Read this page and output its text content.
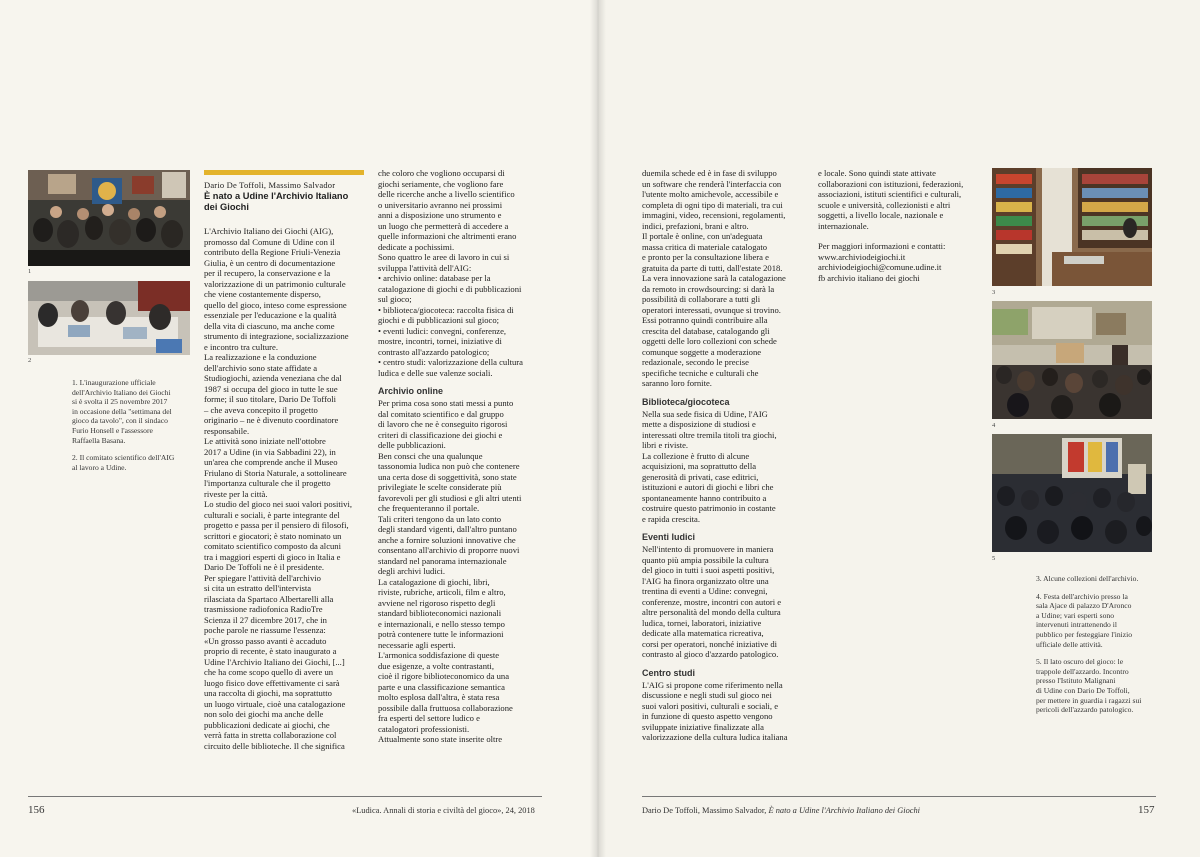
1
2

1. L'inaugurazione ufficiale
dell'Archivio Italiano dei Giochi
si è svolta il 25 novembre 2017
in occasione della "settimana del
gioco da tavolo", con il sindaco
Furio Honsell e l'assessore
Raffaella Basana.

2. Il comitato scientifico dell'AIG
al lavoro a Udine.

Dario De Toffoli, Massimo Salvador

È nato a Udine l'Archivio Italiano
dei Giochi

L'Archivio Italiano dei Giochi (AIG),
promosso dal Comune di Udine con il
contributo della Regione Friuli-Venezia
Giulia, è un centro di documentazione
per il recupero, la conservazione e la
valorizzazione di un patrimonio culturale
che viene costantemente disperso,
quello del gioco, inteso come espressione
essenziale per l'educazione e la qualità
della vita di ciascuno, ma anche come
strumento di integrazione, socializzazione
e incontro tra culture.
La realizzazione e la conduzione
dell'archivio sono state affidate a
Studiogiochi, azienda veneziana che dal
1987 si occupa del gioco in tutte le sue
forme; il suo titolare, Dario De Toffoli
– che aveva concepito il progetto
originario – ne è divenuto coordinatore
responsabile.
Le attività sono iniziate nell'ottobre
2017 a Udine (in via Sabbadini 22), in
un'area che comprende anche il Museo
Friulano di Storia Naturale, a sottolineare
l'importanza culturale che il progetto
riveste per la città.
Lo studio del gioco nei suoi valori positivi,
culturali e sociali, è parte integrante del
progetto e passa per il pensiero di filosofi,
scrittori e giocatori; è stato nominato un
comitato scientifico composto da alcuni
tra i maggiori esperti di gioco in Italia e
Dario De Toffoli ne è il presidente.
Per spiegare l'attività dell'archivio
si cita un estratto dell'intervista
rilasciata da Spartaco Albertarelli alla
trasmissione radiofonica RadioTre
Scienza il 27 dicembre 2017, che in
poche parole ne riassume l'essenza:
«Un grosso passo avanti è accaduto
proprio di recente, è stato inaugurato a
Udine l'Archivio Italiano dei Giochi, [...]
che ha come scopo quello di avere un
luogo fisico dove effettivamente ci sarà
una raccolta di giochi, ma soprattutto
un luogo virtuale, cioè una catalogazione
non solo dei giochi ma anche delle
pubblicazioni dedicate ai giochi, che
verrà fatta in stretta collaborazione col
circuito delle biblioteche. Il che significa

che coloro che vogliono occuparsi di
giochi seriamente, che vogliono fare
delle ricerche anche a livello scientifico
o universitario avranno nei prossimi
anni a disposizione uno strumento e
un luogo che permetterà di accedere a
quelle informazioni che altrimenti erano
dedicate a pochissimi.
Sono quattro le aree di lavoro in cui si
sviluppa l'attività dell'AIG:
• archivio online: database per la
catalogazione di giochi e di pubblicazioni
sul gioco;
• biblioteca/giocoteca: raccolta fisica di
giochi e di pubblicazioni sul gioco;
• eventi ludici: convegni, conferenze,
mostre, incontri, tornei, iniziative di
contrasto all'azzardo patologico;
• centro studi: valorizzazione della cultura
ludica e delle sue valenze sociali.

Archivio online

Per prima cosa sono stati messi a punto
dal comitato scientifico e dal gruppo
di lavoro che ne è conseguito rigorosi
criteri di classificazione dei giochi e
delle pubblicazioni.
Ben consci che una qualunque
tassonomia ludica non può che contenere
una certa dose di soggettività, sono state
privilegiate le scelte considerate più
favorevoli per gli studiosi e gli altri utenti
che frequenteranno il portale.
Tali criteri tengono da un lato conto
degli standard vigenti, dall'altro puntano
anche a fornire soluzioni innovative che
consentano all'archivio di proporre nuovi
standard nel panorama internazionale
degli archivi ludici.
La catalogazione di giochi, libri,
riviste, rubriche, articoli, film e altro,
avviene nel rigoroso rispetto degli
standard biblioteconomici nazionali
e internazionali, e nello stesso tempo
potrà contenere tutte le informazioni
necessarie agli esperti.
L'armonica soddisfazione di queste
due esigenze, a volte contrastanti,
cioè il rigore biblioteconomico da una
parte e una classificazione semantica
molto esplosa dall'altra, è stata resa
possibile dalla fruttuosa collaborazione
fra esperti del settore ludico e
catalogatori professionisti.
Attualmente sono state inserite oltre

156	«Ludica. Annali di storia e civiltà del gioco», 24, 2018

duemila schede ed è in fase di sviluppo
un software che renderà l'interfaccia con
l'utente molto amichevole, accessibile e
completa di ogni tipo di materiali, tra cui
immagini, video, recensioni, regolamenti,
indici, prefazioni, brani e altro.
Il portale è online, con un'adeguata
massa critica di materiale catalogato
e pronto per la consultazione libera e
gratuita da parte di tutti, dall'estate 2018.
La vera innovazione sarà la catalogazione
da remoto in crowdsourcing: si darà la
possibilità di collaborare a tutti gli
operatori interessati, ovunque si trovino.
Essi potranno quindi contribuire alla
crescita del database, catalogando gli
oggetti delle loro collezioni con schede
comunque soggette a moderazione
redazionale, secondo le precise
specifiche tecniche e culturali che
saranno loro fornite.

Biblioteca/giocoteca

Nella sua sede fisica di Udine, l'AIG
mette a disposizione di studiosi e
interessati oltre tremila titoli tra giochi,
libri e riviste.
La collezione è frutto di alcune
acquisizioni, ma soprattutto della
generosità di privati, case editrici,
istituzioni e autori di giochi e libri che
spontaneamente hanno contribuito a
costruire questo patrimonio in costante
e rapida crescita.

Eventi ludici

Nell'intento di promuovere in maniera
quanto più ampia possibile la cultura
del gioco in tutti i suoi aspetti positivi,
l'AIG ha finora organizzato oltre una
trentina di eventi a Udine: convegni,
conferenze, mostre, incontri con autori e
altre personalità del mondo della cultura
ludica, tornei, laboratori, iniziative
dedicate alla matematica ricreativa,
corsi per operatori, nonché iniziative di
contrasto al gioco d'azzardo patologico.

Centro studi

L'AIG si propone come riferimento nella
discussione e negli studi sul gioco nei
suoi valori positivi, culturali e sociali, e
in funzione di questo aspetto vengono
sviluppate iniziative finalizzate alla
valorizzazione della cultura ludica italiana

e locale. Sono quindi state attivate
collaborazioni con istituzioni, federazioni,
associazioni, istituti scientifici e culturali,
scuole e università, collezionisti e altri
soggetti, a livello locale, nazionale e
internazionale.

Per maggiori informazioni e contatti:
www.archiviodeigiochi.it
archiviodeigiochi@comune.udine.it
fb archivio italiano dei giochi

3
4
5

3. Alcune collezioni dell'archivio.

4. Festa dell'archivio presso la
sala Ajace di palazzo D'Aronco
a Udine; vari esperti sono
intervenuti intrattenendo il
pubblico per festeggiare l'inizio
ufficiale delle attività.

5. Il lato oscuro del gioco: le
trappole dell'azzardo. Incontro
presso l'Istituto Malignani
di Udine con Dario De Toffoli,
per mettere in guardia i ragazzi sui
pericoli dell'azzardo patologico.

Dario De Toffoli, Massimo Salvador, È nato a Udine l'Archivio Italiano dei Giochi	157
